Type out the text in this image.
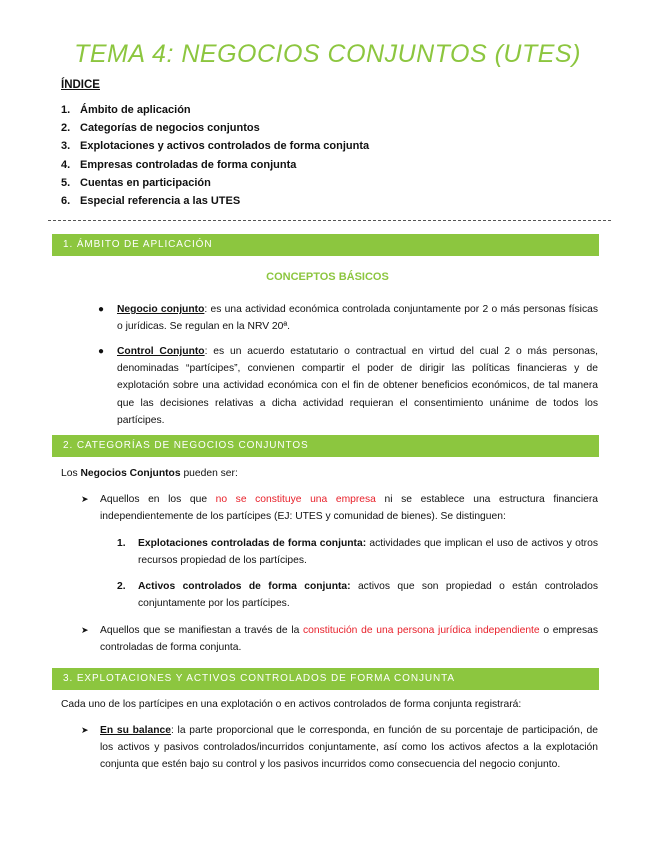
TEMA 4: NEGOCIOS CONJUNTOS (UTES)
ÍNDICE
1. Ámbito de aplicación
2. Categorías de negocios conjuntos
3. Explotaciones y activos controlados de forma conjunta
4. Empresas controladas de forma conjunta
5. Cuentas en participación
6. Especial referencia a las UTES
1. ÁMBITO DE APLICACIÓN
CONCEPTOS BÁSICOS
● Negocio conjunto: es una actividad económica controlada conjuntamente por 2 o más personas físicas o jurídicas. Se regulan en la NRV 20ª.
● Control Conjunto: es un acuerdo estatutario o contractual en virtud del cual 2 o más personas, denominadas “partícipes”, convienen compartir el poder de dirigir las políticas financieras y de explotación sobre una actividad económica con el fin de obtener beneficios económicos, de tal manera que las decisiones relativas a dicha actividad requieran el consentimiento unánime de todos los partícipes.
2. CATEGORÍAS DE NEGOCIOS CONJUNTOS
Los Negocios Conjuntos pueden ser:
➤ Aquellos en los que no se constituye una empresa ni se establece una estructura financiera independientemente de los partícipes (EJ: UTES y comunidad de bienes). Se distinguen:
1. Explotaciones controladas de forma conjunta: actividades que implican el uso de activos y otros recursos propiedad de los partícipes.
2. Activos controlados de forma conjunta: activos que son propiedad o están controlados conjuntamente por los partícipes.
➤ Aquellos que se manifiestan a través de la constitución de una persona jurídica independiente o empresas controladas de forma conjunta.
3. EXPLOTACIONES Y ACTIVOS CONTROLADOS DE FORMA CONJUNTA
Cada uno de los partícipes en una explotación o en activos controlados de forma conjunta registrará:
➤ En su balance: la parte proporcional que le corresponda, en función de su porcentaje de participación, de los activos y pasivos controlados/incurridos conjuntamente, así como los activos afectos a la explotación conjunta que estén bajo su control y los pasivos incurridos como consecuencia del negocio conjunto.
